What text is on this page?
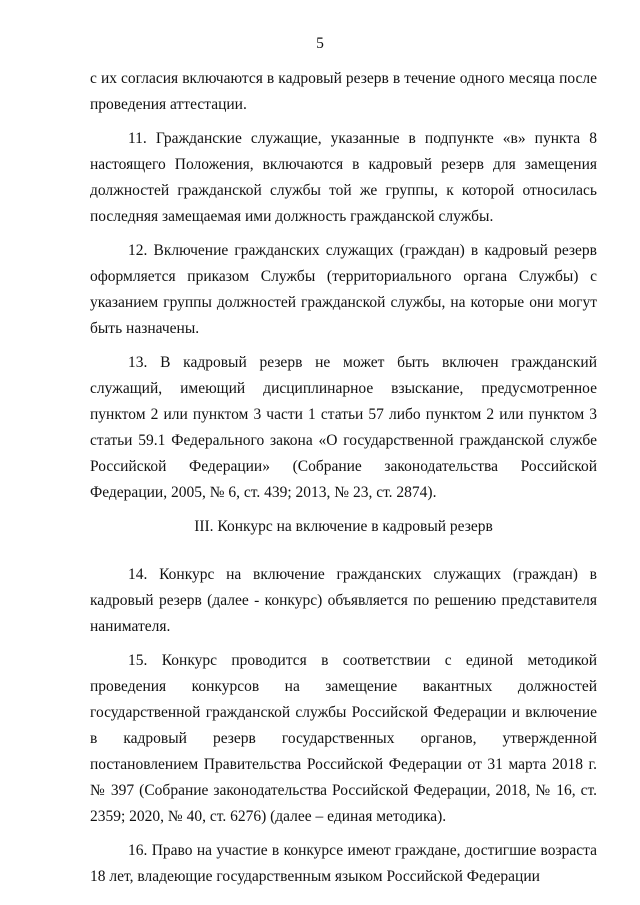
5

с их согласия включаются в кадровый резерв в течение одного месяца после проведения аттестации.

11. Гражданские служащие, указанные в подпункте «в» пункта 8 настоящего Положения, включаются в кадровый резерв для замещения должностей гражданской службы той же группы, к которой относилась последняя замещаемая ими должность гражданской службы.

12. Включение гражданских служащих (граждан) в кадровый резерв оформляется приказом Службы (территориального органа Службы) с указанием группы должностей гражданской службы, на которые они могут быть назначены.

13. В кадровый резерв не может быть включен гражданский служащий, имеющий дисциплинарное взыскание, предусмотренное пунктом 2 или пунктом 3 части 1 статьи 57 либо пунктом 2 или пунктом 3 статьи 59.1 Федерального закона «О государственной гражданской службе Российской Федерации» (Собрание законодательства Российской Федерации, 2005, № 6, ст. 439; 2013, № 23, ст. 2874).

III. Конкурс на включение в кадровый резерв

14. Конкурс на включение гражданских служащих (граждан) в кадровый резерв (далее - конкурс) объявляется по решению представителя нанимателя.

15. Конкурс проводится в соответствии с единой методикой проведения конкурсов на замещение вакантных должностей государственной гражданской службы Российской Федерации и включение в кадровый резерв государственных органов, утвержденной постановлением Правительства Российской Федерации от 31 марта 2018 г. № 397 (Собрание законодательства Российской Федерации, 2018, № 16, ст. 2359; 2020, № 40, ст. 6276) (далее – единая методика).

16. Право на участие в конкурсе имеют граждане, достигшие возраста 18 лет, владеющие государственным языком Российской Федерации
